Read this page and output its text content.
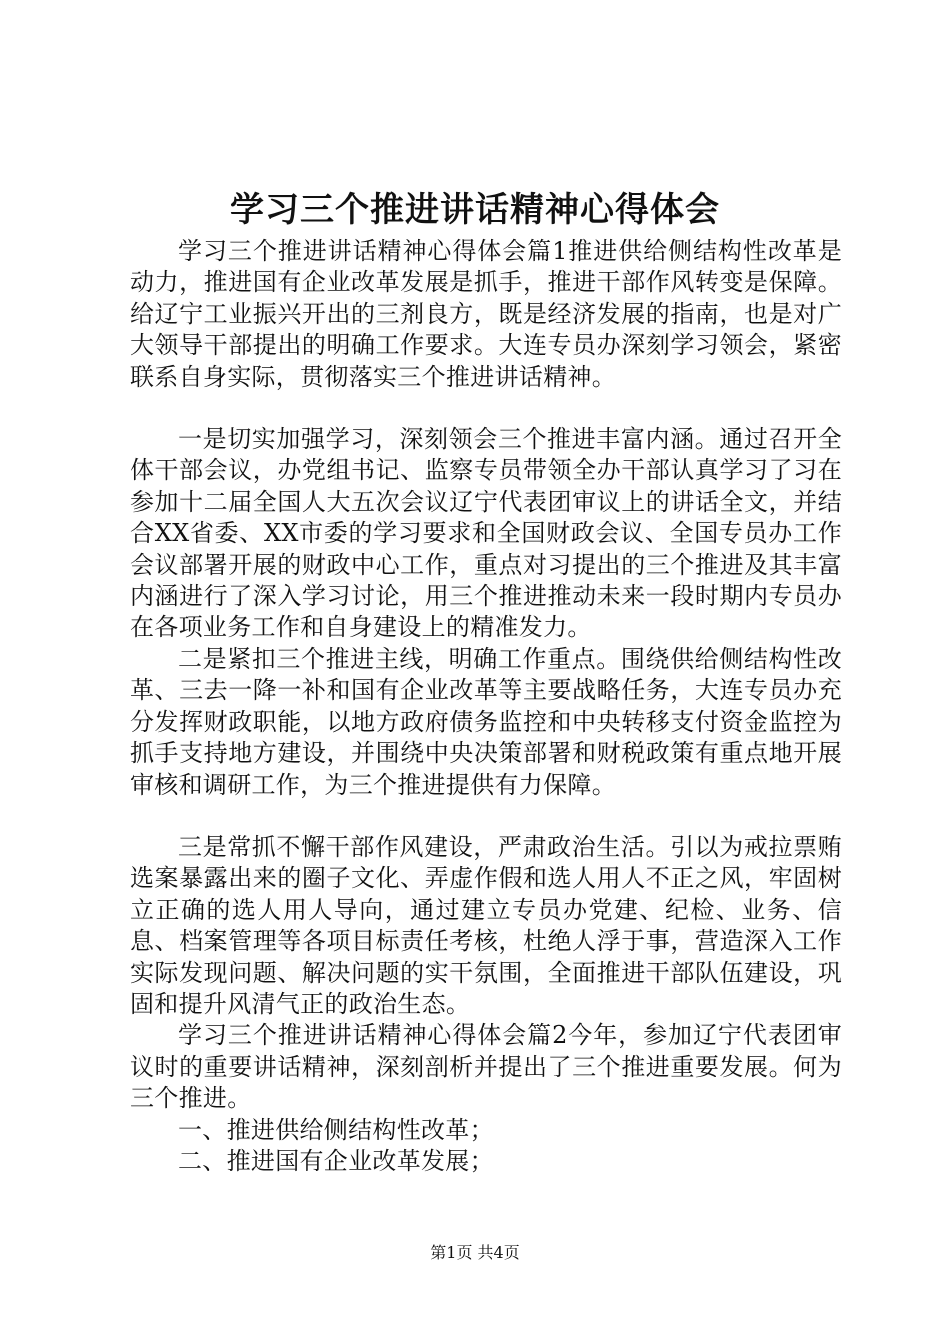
学习三个推进讲话精神心得体会

学习三个推进讲话精神心得体会篇1推进供给侧结构性改革是动力，推进国有企业改革发展是抓手，推进干部作风转变是保障。给辽宁工业振兴开出的三剂良方，既是经济发展的指南，也是对广大领导干部提出的明确工作要求。大连专员办深刻学习领会，紧密联系自身实际，贯彻落实三个推进讲话精神。

一是切实加强学习，深刻领会三个推进丰富内涵。通过召开全体干部会议，办党组书记、监察专员带领全办干部认真学习了习在参加十二届全国人大五次会议辽宁代表团审议上的讲话全文，并结合XX省委、XX市委的学习要求和全国财政会议、全国专员办工作会议部署开展的财政中心工作，重点对习提出的三个推进及其丰富内涵进行了深入学习讨论，用三个推进推动未来一段时期内专员办在各项业务工作和自身建设上的精准发力。

二是紧扣三个推进主线，明确工作重点。围绕供给侧结构性改革、三去一降一补和国有企业改革等主要战略任务，大连专员办充分发挥财政职能，以地方政府债务监控和中央转移支付资金监控为抓手支持地方建设，并围绕中央决策部署和财税政策有重点地开展审核和调研工作，为三个推进提供有力保障。

三是常抓不懈干部作风建设，严肃政治生活。引以为戒拉票贿选案暴露出来的圈子文化、弄虚作假和选人用人不正之风，牢固树立正确的选人用人导向，通过建立专员办党建、纪检、业务、信息、档案管理等各项目标责任考核，杜绝人浮于事，营造深入工作实际发现问题、解决问题的实干氛围，全面推进干部队伍建设，巩固和提升风清气正的政治生态。

学习三个推进讲话精神心得体会篇2今年，参加辽宁代表团审议时的重要讲话精神，深刻剖析并提出了三个推进重要发展。何为三个推进。

一、推进供给侧结构性改革；

二、推进国有企业改革发展；

第1页 共4页
